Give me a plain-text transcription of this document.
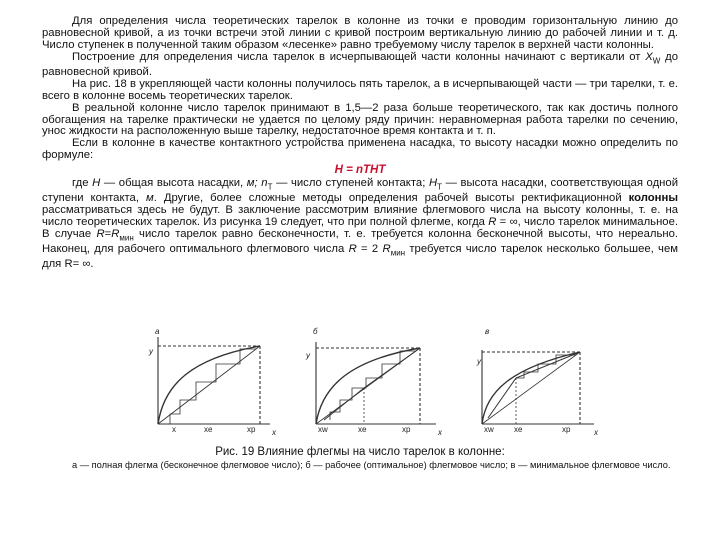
Для определения числа теоретических тарелок в колонне из точки е проводим горизонтальную линию до равновесной кривой, а из точки встречи этой линии с кривой построим вертикальную линию до рабочей линии и т. д. Число ступенек в полученной таким образом «лесенке» равно требуемому числу тарелок в верхней части колонны.

Построение для определения числа тарелок в исчерпывающей части колонны начинают с вертикали от $X_W$ до равновесной кривой.

На рис. 18 в укрепляющей части колонны получилось пять тарелок, а в исчерпывающей части — три тарелки, т. е. всего в колонне восемь теоретических тарелок.

В реальной колонне число тарелок принимают в 1,5—2 раза больше теоретического, так как достичь полного обогащения на тарелке практически не удается по целому ряду причин: неравномерная работа тарелки по сечению, унос жидкости на расположенную выше тарелку, недостаточное время контакта и т. п.

Если в колонне в качестве контактного устройства применена насадка, то высоту насадки можно определить по формуле:

H = nТНТ

где H — общая высота насадки, м; $n_T$ — число ступеней контакта; $H_T$ — высота насадки, соответствующая одной ступени контакта, м. Другие, более сложные методы определения рабочей высоты ректификационной колонны рассматриваться здесь не будут. В заключение рассмотрим влияние флегмового числа на высоту колонны, т. е. на число теоретических тарелок. Из рисунка 19 следует, что при полной флегме, когда R = ∞, число тарелок минимальное. В случае $R=R_{мин}$ число тарелок равно бесконечности, т. е. требуется колонна бесконечной высоты, что нереально. Наконец, для рабочего оптимального флегмового числа R = 2 $R_{мин}$ требуется число тарелок несколько большее, чем для R= ∞.

а	б	в
y	y
y
x	x	x
x	xe	xp	xw	xe	xp	xw	xe	xp
Рис. 19 Влияние флегмы на число тарелок в колонне:
а — полная флегма (бесконечное флегмовое число); б — рабочее (оптимальное) флегмовое число; в — минимальное флегмовое число.
